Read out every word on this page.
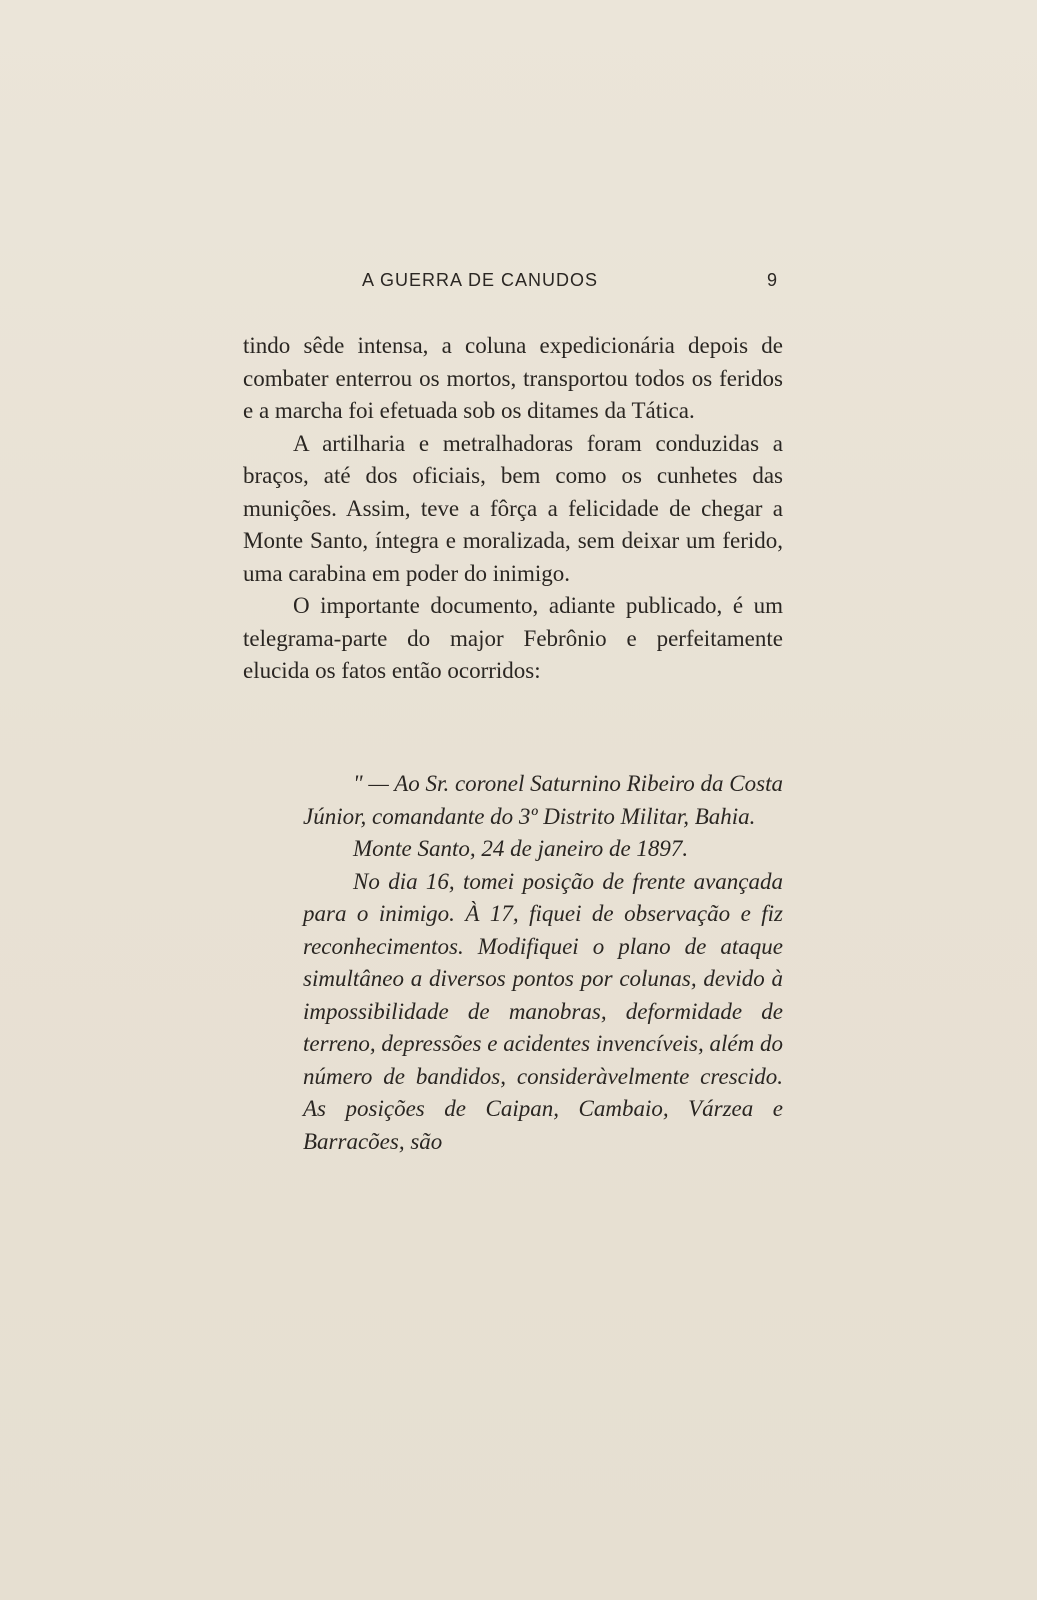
A GUERRA DE CANUDOS	9

tindo sêde intensa, a coluna expedicionária depois de combater enterrou os mortos, transportou todos os feridos e a marcha foi efetuada sob os ditames da Tática.

A artilharia e metralhadoras foram conduzidas a braços, até dos oficiais, bem como os cunhetes das munições. Assim, teve a fôrça a felicidade de chegar a Monte Santo, íntegra e moralizada, sem deixar um ferido, uma carabina em poder do inimigo.

O importante documento, adiante publicado, é um telegrama-parte do major Febrônio e perfeitamente elucida os fatos então ocorridos:

" — Ao Sr. coronel Saturnino Ribeiro da Costa Júnior, comandante do 3º Distrito Militar, Bahia.

Monte Santo, 24 de janeiro de 1897.

No dia 16, tomei posição de frente avançada para o inimigo. À 17, fiquei de observação e fiz reconhecimentos. Modifiquei o plano de ataque simultâneo a diversos pontos por colunas, devido à impossibilidade de manobras, deformidade de terreno, depressões e acidentes invencíveis, além do número de bandidos, consideràvelmente crescido. As posições de Caipan, Cambaio, Várzea e Barracões, são
